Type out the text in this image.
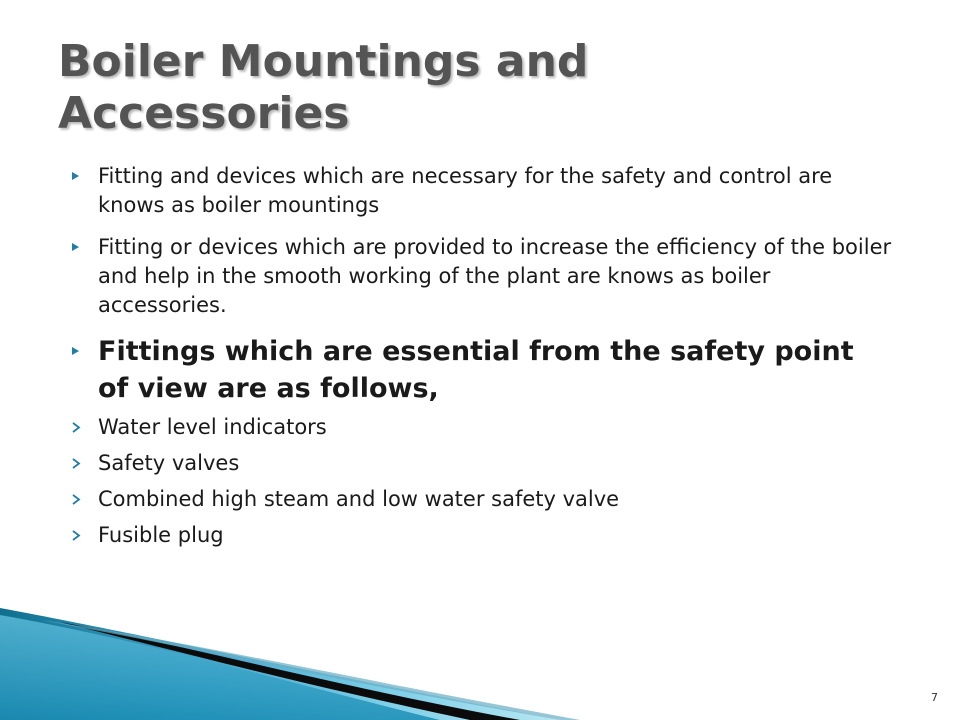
Boiler Mountings and
Accessories
Fitting and devices which are necessary for the safety and control are knows as boiler mountings
Fitting or devices which are provided to increase the efficiency of the boiler and help in the smooth working of the plant are knows as boiler accessories.
Fittings which are essential from the safety point of view are as follows,
Water level indicators
Safety valves
Combined high steam and low water safety valve
Fusible plug
7
